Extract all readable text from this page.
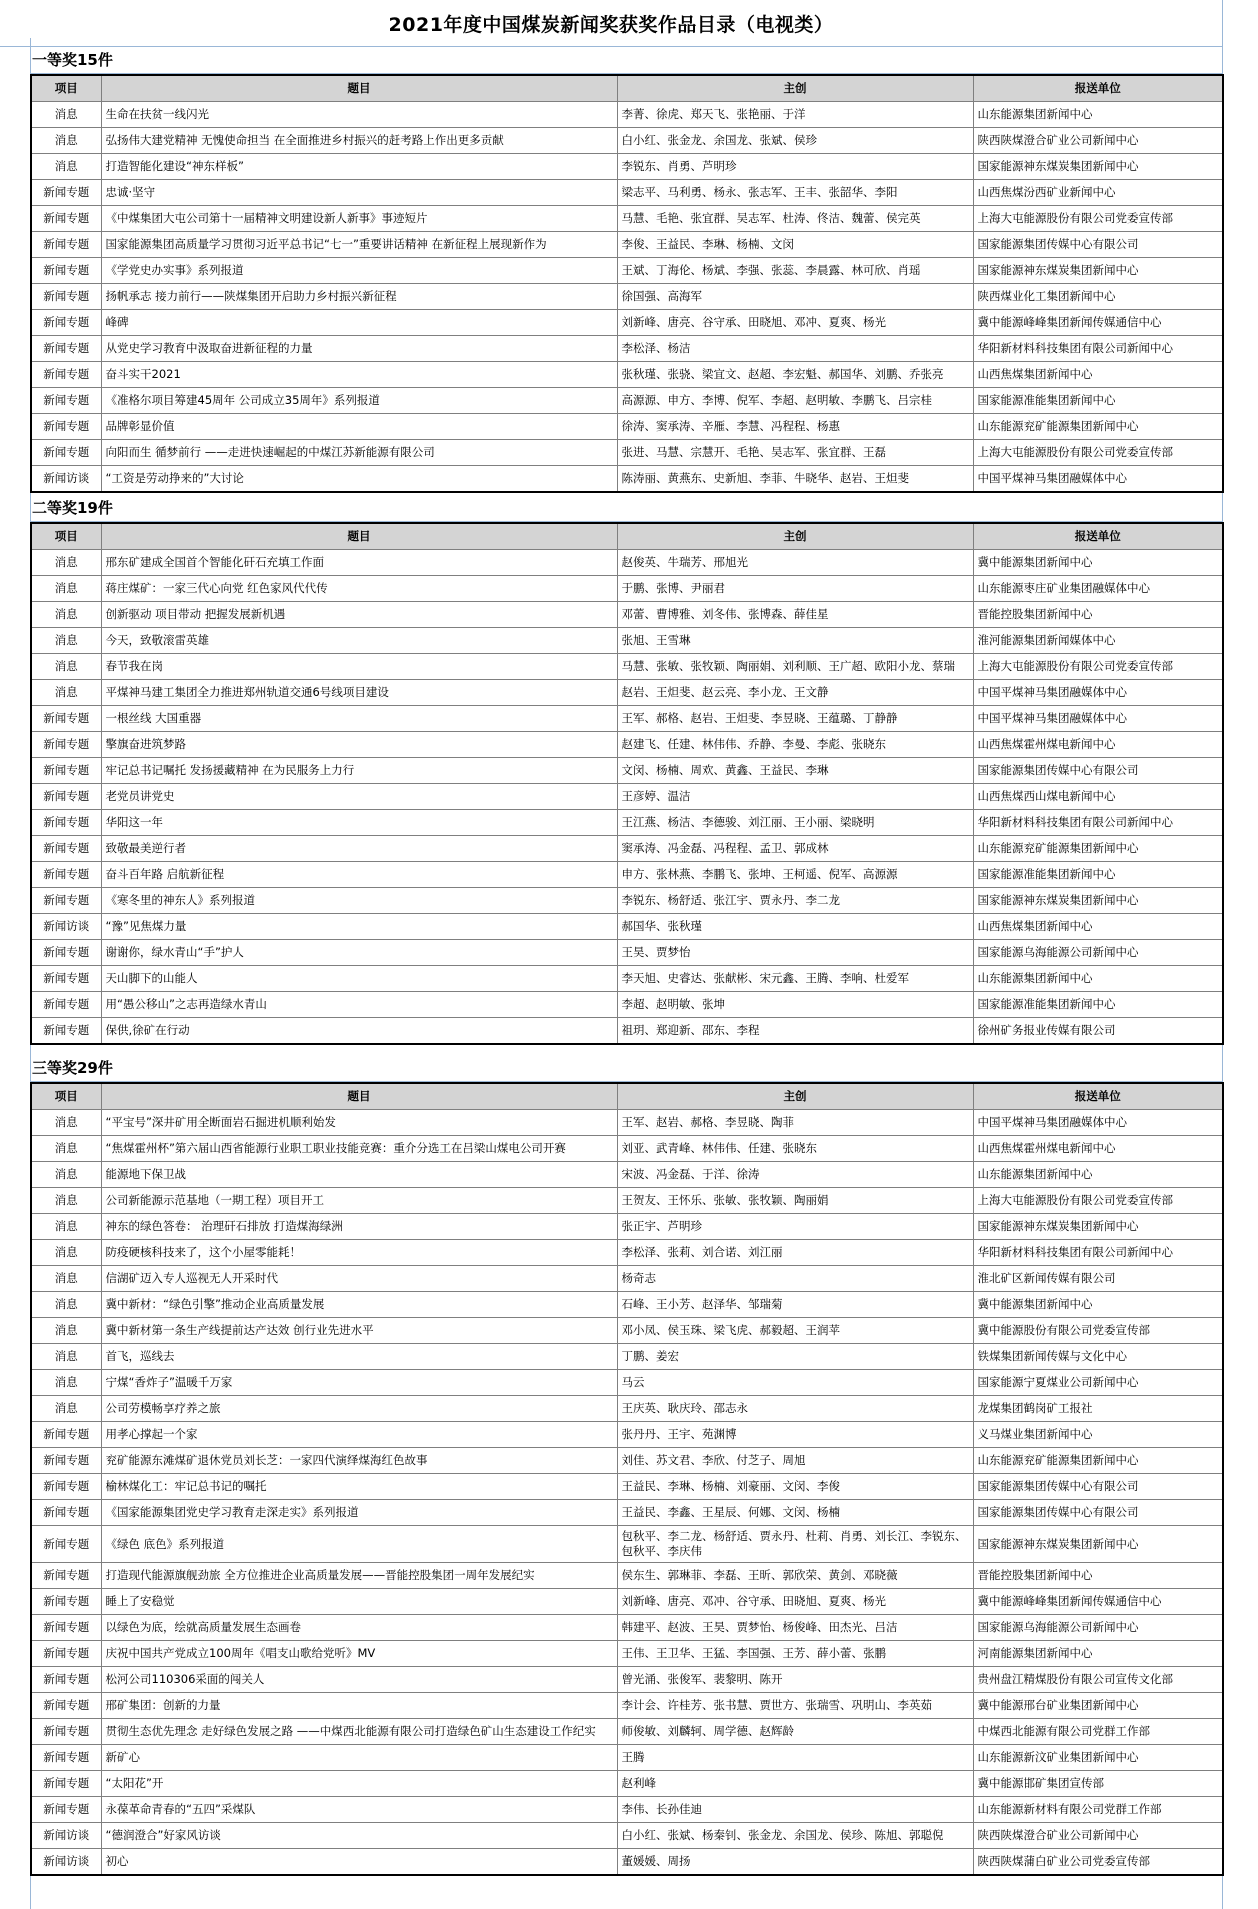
2021年度中国煤炭新闻奖获奖作品目录（电视类）
一等奖15件
项目	题目	主创	报送单位
消息	生命在扶贫一线闪光	李菁、徐虎、郑天飞、张艳丽、于洋	山东能源集团新闻中心
消息	弘扬伟大建党精神 无愧使命担当 在全面推进乡村振兴的赶考路上作出更多贡献	白小红、张金龙、余国龙、张斌、侯珍	陕西陕煤澄合矿业公司新闻中心
消息	打造智能化建设“神东样板”	李锐东、肖勇、芦明珍	国家能源神东煤炭集团新闻中心
新闻专题	忠诚·坚守	梁志平、马利勇、杨永、张志军、王丰、张韶华、李阳	山西焦煤汾西矿业新闻中心
新闻专题	《中煤集团大屯公司第十一届精神文明建设新人新事》事迹短片	马慧、毛艳、张宜群、吴志军、杜涛、佟洁、魏蕾、侯完英	上海大屯能源股份有限公司党委宣传部
新闻专题	国家能源集团高质量学习贯彻习近平总书记“七一”重要讲话精神 在新征程上展现新作为	李俊、王益民、李琳、杨楠、文闵	国家能源集团传媒中心有限公司
新闻专题	《学党史办实事》系列报道	王斌、丁海伦、杨斌、李强、张蕊、李晨露、林可欣、肖瑶	国家能源神东煤炭集团新闻中心
新闻专题	扬帆承志 接力前行——陕煤集团开启助力乡村振兴新征程	徐国强、高海军	陕西煤业化工集团新闻中心
新闻专题	峰碑	刘新峰、唐亮、谷守承、田晓旭、邓冲、夏爽、杨光	冀中能源峰峰集团新闻传媒通信中心
新闻专题	从党史学习教育中汲取奋进新征程的力量	李松泽、杨洁	华阳新材料科技集团有限公司新闻中心
新闻专题	奋斗实干2021	张秋瑾、张骁、梁宜文、赵超、李宏魁、郝国华、刘鹏、乔张亮	山西焦煤集团新闻中心
新闻专题	《准格尔项目筹建45周年 公司成立35周年》系列报道	高源源、申方、李博、倪军、李超、赵明敏、李鹏飞、吕宗桂	国家能源准能集团新闻中心
新闻专题	品牌彰显价值	徐涛、窦承涛、辛雁、李慧、冯程程、杨惠	山东能源兖矿能源集团新闻中心
新闻专题	向阳而生 循梦前行 ——走进快速崛起的中煤江苏新能源有限公司	张进、马慧、宗慧开、毛艳、吴志军、张宜群、王磊	上海大屯能源股份有限公司党委宣传部
新闻访谈	“工资是劳动挣来的”大讨论	陈涛丽、黄燕东、史新旭、李菲、牛晓华、赵岩、王炟斐	中国平煤神马集团融媒体中心
二等奖19件
项目	题目	主创	报送单位
消息	邢东矿建成全国首个智能化矸石充填工作面	赵俊英、牛瑞芳、邢旭光	冀中能源集团新闻中心
消息	蒋庄煤矿：一家三代心向党 红色家风代代传	于鹏、张博、尹丽君	山东能源枣庄矿业集团融媒体中心
消息	创新驱动 项目带动 把握发展新机遇	邓蕾、曹博雅、刘冬伟、张博森、薛佳星	晋能控股集团新闻中心
消息	今天，致敬滚雷英雄	张旭、王雪琳	淮河能源集团新闻媒体中心
消息	春节我在岗	马慧、张敏、张牧颖、陶丽娟、刘利顺、王广超、欧阳小龙、蔡瑞	上海大屯能源股份有限公司党委宣传部
消息	平煤神马建工集团全力推进郑州轨道交通6号线项目建设	赵岩、王炟斐、赵云亮、李小龙、王文静	中国平煤神马集团融媒体中心
新闻专题	一根丝线 大国重器	王军、郝格、赵岩、王炟斐、李昱晓、王蕴璐、丁静静	中国平煤神马集团融媒体中心
新闻专题	擎旗奋进筑梦路	赵建飞、任建、林伟伟、乔静、李曼、李彪、张晓东	山西焦煤霍州煤电新闻中心
新闻专题	牢记总书记嘱托 发扬援藏精神 在为民服务上力行	文闵、杨楠、周欢、黄鑫、王益民、李琳	国家能源集团传媒中心有限公司
新闻专题	老党员讲党史	王彦婷、温洁	山西焦煤西山煤电新闻中心
新闻专题	华阳这一年	王江燕、杨洁、李德骏、刘江丽、王小丽、梁晓明	华阳新材料科技集团有限公司新闻中心
新闻专题	致敬最美逆行者	窦承涛、冯金磊、冯程程、孟卫、郭成林	山东能源兖矿能源集团新闻中心
新闻专题	奋斗百年路 启航新征程	申方、张林燕、李鹏飞、张坤、王柯遥、倪军、高源源	国家能源准能集团新闻中心
新闻专题	《寒冬里的神东人》系列报道	李锐东、杨舒适、张江宇、贾永丹、李二龙	国家能源神东煤炭集团新闻中心
新闻访谈	“豫”见焦煤力量	郝国华、张秋瑾	山西焦煤集团新闻中心
新闻专题	谢谢你，绿水青山“手”护人	王昊、贾梦怡	国家能源乌海能源公司新闻中心
新闻专题	天山脚下的山能人	李天旭、史睿达、张献彬、宋元鑫、王腾、李响、杜爱军	山东能源集团新闻中心
新闻专题	用“愚公移山”之志再造绿水青山	李超、赵明敏、张坤	国家能源准能集团新闻中心
新闻专题	保供,徐矿在行动	祖玥、郑迎新、邵东、李程	徐州矿务报业传媒有限公司
三等奖29件
项目	题目	主创	报送单位
消息	“平宝号”深井矿用全断面岩石掘进机顺利始发	王军、赵岩、郝格、李昱晓、陶菲	中国平煤神马集团融媒体中心
消息	“焦煤霍州杯”第六届山西省能源行业职工职业技能竞赛：重介分选工在吕梁山煤电公司开赛	刘亚、武青峰、林伟伟、任建、张晓东	山西焦煤霍州煤电新闻中心
消息	能源地下保卫战	宋波、冯金磊、于洋、徐涛	山东能源集团新闻中心
消息	公司新能源示范基地（一期工程）项目开工	王贺友、王怀乐、张敏、张牧颖、陶丽娟	上海大屯能源股份有限公司党委宣传部
消息	神东的绿色答卷： 治理矸石排放 打造煤海绿洲	张正宇、芦明珍	国家能源神东煤炭集团新闻中心
消息	防疫硬核科技来了，这个小屋零能耗！	李松泽、张莉、刘合诺、刘江丽	华阳新材料科技集团有限公司新闻中心
消息	信湖矿迈入专人巡视无人开采时代	杨奇志	淮北矿区新闻传媒有限公司
消息	冀中新材：“绿色引擎”推动企业高质量发展	石峰、王小芳、赵泽华、邹瑞菊	冀中能源集团新闻中心
消息	冀中新材第一条生产线提前达产达效 创行业先进水平	邓小凤、侯玉珠、梁飞虎、郝毅超、王润苹	冀中能源股份有限公司党委宣传部
消息	首飞，巡线去	丁鹏、姜宏	铁煤集团新闻传媒与文化中心
消息	宁煤“香炸子”温暖千万家	马云	国家能源宁夏煤业公司新闻中心
消息	公司劳模畅享疗养之旅	王庆英、耿庆玲、邵志永	龙煤集团鹤岗矿工报社
新闻专题	用孝心撑起一个家	张丹丹、王宇、苑渊博	义马煤业集团新闻中心
新闻专题	兖矿能源东滩煤矿退休党员刘长芝：一家四代演绎煤海红色故事	刘佳、苏文君、李欣、付芝子、周旭	山东能源兖矿能源集团新闻中心
新闻专题	榆林煤化工：牢记总书记的嘱托	王益民、李琳、杨楠、刘豪丽、文闵、李俊	国家能源集团传媒中心有限公司
新闻专题	《国家能源集团党史学习教育走深走实》系列报道	王益民、李鑫、王星辰、何娜、文闵、杨楠	国家能源集团传媒中心有限公司
新闻专题	《绿色 底色》系列报道	包秋平、李二龙、杨舒适、贾永丹、杜莉、肖勇、刘长江、李锐东、包秋平、李庆伟	国家能源神东煤炭集团新闻中心
新闻专题	打造现代能源旗舰劲旅 全方位推进企业高质量发展——晋能控股集团一周年发展纪实	侯东生、郭琳菲、李磊、王昕、郭欣荣、黄剑、邓晓薇	晋能控股集团新闻中心
新闻专题	睡上了安稳觉	刘新峰、唐亮、邓冲、谷守承、田晓旭、夏爽、杨光	冀中能源峰峰集团新闻传媒通信中心
新闻专题	以绿色为底，绘就高质量发展生态画卷	韩建平、赵波、王昊、贾梦怡、杨俊峰、田杰光、吕洁	国家能源乌海能源公司新闻中心
新闻专题	庆祝中国共产党成立100周年《唱支山歌给党听》MV	王伟、王卫华、王猛、李国强、王芳、薛小蕾、张鹏	河南能源集团新闻中心
新闻专题	松河公司110306采面的闯关人	曾光涌、张俊军、裴黎明、陈开	贵州盘江精煤股份有限公司宣传文化部
新闻专题	邢矿集团：创新的力量	李计会、许桂芳、张书慧、贾世方、张瑞雪、巩明山、李英茹	冀中能源邢台矿业集团新闻中心
新闻专题	贯彻生态优先理念 走好绿色发展之路 ——中煤西北能源有限公司打造绿色矿山生态建设工作纪实	师俊敏、刘麟轲、周学德、赵辉龄	中煤西北能源有限公司党群工作部
新闻专题	新矿心	王腾	山东能源新汶矿业集团新闻中心
新闻专题	“太阳花”开	赵利峰	冀中能源邯矿集团宣传部
新闻专题	永葆革命青春的“五四”采煤队	李伟、长孙佳迪	山东能源新材料有限公司党群工作部
新闻访谈	“德润澄合”好家风访谈	白小红、张斌、杨秦钊、张金龙、余国龙、侯珍、陈旭、郭聪倪	陕西陕煤澄合矿业公司新闻中心
新闻访谈	初心	董媛媛、周扬	陕西陕煤蒲白矿业公司党委宣传部
